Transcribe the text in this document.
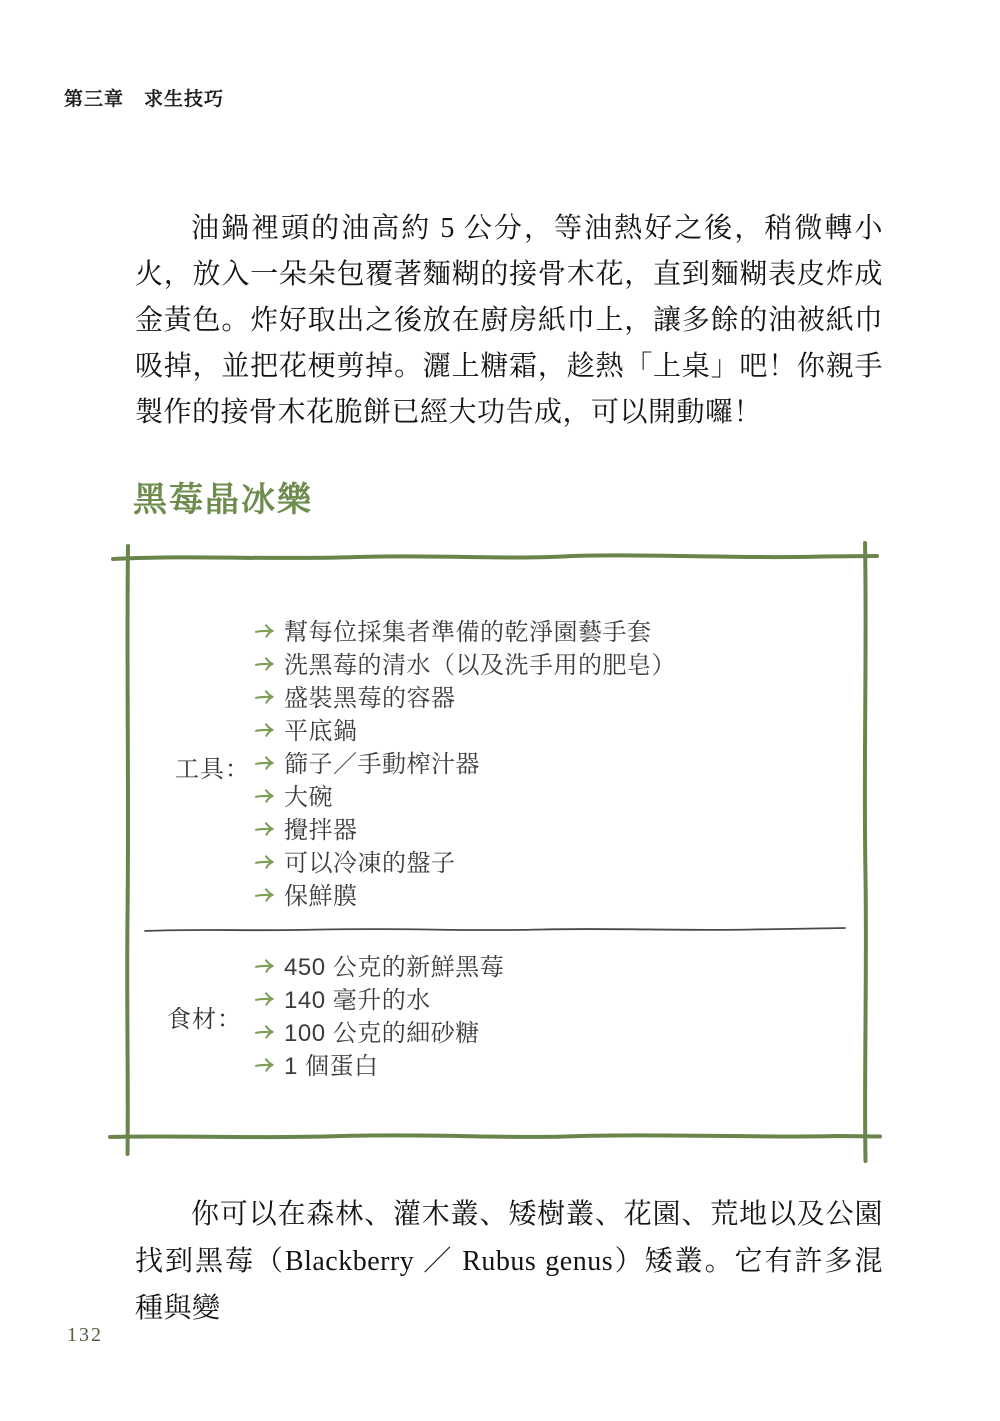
第三章　求生技巧
油鍋裡頭的油高約 5 公分，等油熱好之後，稍微轉小火，放入一朵朵包覆著麵糊的接骨木花，直到麵糊表皮炸成金黃色。炸好取出之後放在廚房紙巾上，讓多餘的油被紙巾吸掉，並把花梗剪掉。灑上糖霜，趁熱「上桌」吧！你親手製作的接骨木花脆餅已經大功告成，可以開動囉！
黑莓晶冰樂
工具：
幫每位採集者準備的乾淨園藝手套
洗黑莓的清水（以及洗手用的肥皂）
盛裝黑莓的容器
平底鍋
篩子／手動榨汁器
大碗
攪拌器
可以冷凍的盤子
保鮮膜
食材：
450 公克的新鮮黑莓
140 毫升的水
100 公克的細砂糖
1 個蛋白
你可以在森林、灌木叢、矮樹叢、花園、荒地以及公園找到黑莓（Blackberry ／ Rubus genus）矮叢。它有許多混種與變
132
